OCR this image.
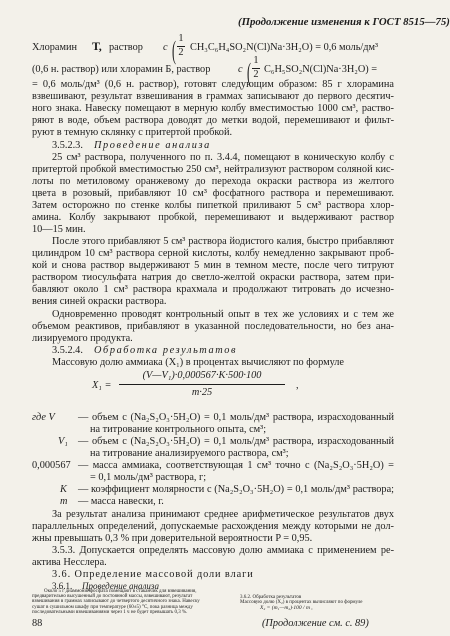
(Продолжение изменения к ГОСТ 8515—75)
Хлорамин Т, раствор с ( 1
2 CH₃C₆H₄SO₂N(Cl)Na·3H₂O) = 0,6 моль/дм³
(0,6 н. раствор) или хлорамин Б, раствор	с ( 1
2 C₆H₅SO₂N(Cl)Na·3H₂O) =
= 0,6 моль/дм³ (0,6 н. раствор), готовят следующим образом: 85 г хлорамина
взвешивают, результат взвешивания в граммах записывают до первого десятич-
ного знака. Навеску помещают в мерную колбу вместимостью 1000 см³, раство-
ряют в воде, объем раствора доводят до метки водой, перемешивают и фильт-
руют в темную склянку с притертой пробкой.
3.5.2.3. Проведение анализа
25 см³ раствора, полученного по п. 3.4.4, помещают в коническую колбу с
притертой пробкой вместимостью 250 см³, нейтрализуют раствором соляной кис-
лоты по метиловому оранжевому до перехода окраски раствора из желтого
цвета в розовый, прибавляют 10 см³ фосфатного раствора и перемешивают.
Затем осторожно по стенке колбы пипеткой приливают 5 см³ раствора хлор-
амина. Колбу закрывают пробкой, перемешивают и выдерживают раствор
10—15 мин.
После этого прибавляют 5 см³ раствора йодистого калия, быстро прибавляют
цилиндром 10 см³ раствора серной кислоты, колбу немедленно закрывают проб-
кой и снова раствор выдерживают 5 мин в темном месте, после чего титруют
раствором тиосульфата натрия до светло-желтой окраски раствора, затем при-
бавляют около 1 см³ раствора крахмала и продолжают титровать до исчезно-
вения синей окраски раствора.
Одновременно проводят контрольный опыт в тех же условиях и с тем же
объемом реактивов, прибавляют в указанной последовательности, но без ана-
лизируемого продукта.
3.5.2.4. Обработка результатов
Массовую долю аммиака (X₁) в процентах вычисляют по формуле
X₁ =
(V—V₁)·0,000567·K·500·100
m·25
,
где V — объем с (Na₂S₂O₃·5H₂O) = 0,1 моль/дм³ раствора, израсходованный
на титрование контрольного опыта, см³;
V₁ — объем с (Na₂S₂O₃·5H₂O) = 0,1 моль/дм³ раствора, израсходованный
на титрование анализируемого раствора, см³;
0,000567 — масса аммиака, соответствующая 1 см³ точно с (Na₂S₂O₃·5H₂O) =
= 0,1 моль/дм³ раствора, г;
K — коэффициент молярности с (Na₂S₂O₃·5H₂O) = 0,1 моль/дм³ раствора;
m — масса навески, г.
За результат анализа принимают среднее арифметическое результатов двух
параллельных определений, допускаемые расхождения между которыми не дол-
жны превышать 0,3 % при доверительной вероятности P = 0,95.
3.5.3. Допускается определять массовую долю аммиака с применением ре-
актива Несслера.
3.6. Определение массовой доли влаги
88	(Продолжение см. с. 89)
3.6.1. Проведение анализа
Около 5 г диаммонийфосфата помещают в стаканчик для взвешивания,
предварительно высушенный до постоянной массы, взвешивают, результат
взвешивания в граммах записывают до четвертого десятичного знака. Навеску
сушат в сушильном шкафу при температуре (60±5) °С, пока разница между
последовательными взвешиваниями через 1 ч не будет превышать 0,3 %.
3.6.2. Обработка результатов
Массовую долю (X₂) в процентах вычисляют по формуле
X₂ = (m₁—m₂)·100 / m ,
